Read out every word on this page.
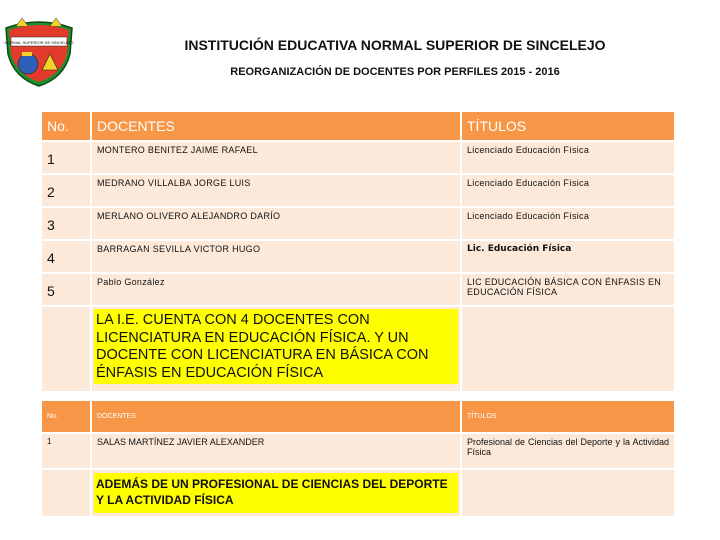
NORMAL SUPERIOR DE SINCELEJO	INSTITUCIÓN EDUCATIVA NORMAL SUPERIOR DE SINCELEJO
REORGANIZACIÓN DE DOCENTES POR PERFILES 2015 - 2016
No.	DOCENTES	TÍTULOS
1	MONTERO BENITEZ JAIME RAFAEL	Licenciado Educación Física
2	MEDRANO VILLALBA JORGE LUIS	Licenciado Educación Física
3	MERLANO OLIVERO ALEJANDRO DARÍO	Licenciado Educación Física
4	BARRAGAN SEVILLA VICTOR HUGO	Lic. Educación Física
5	Pablo González	LIC EDUCACIÓN BÁSICA CON ÉNFASIS EN EDUCACIÓN FÍSICA

	LA I.E. CUENTA CON 4 DOCENTES CON LICENCIATURA EN EDUCACIÓN FÍSICA. Y UN DOCENTE CON LICENCIATURA EN BÁSICA CON ÉNFASIS EN EDUCACIÓN FÍSICA	

No.	DOCENTES	TÍTULOS
1	SALAS MARTÍNEZ JAVIER ALEXANDER	Profesional de Ciencias del Deporte y la Actividad Física

	ADEMÁS DE UN PROFESIONAL DE CIENCIAS DEL DEPORTE Y LA ACTIVIDAD FÍSICA	
